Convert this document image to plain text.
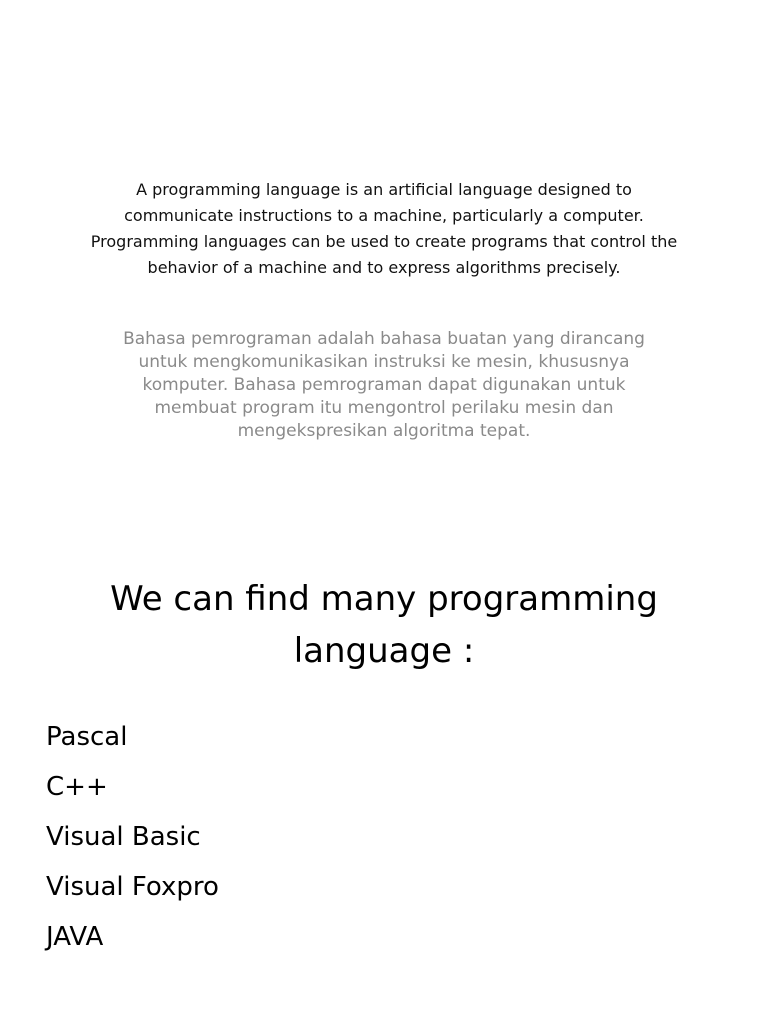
A programming language is an artificial language designed to communicate instructions to a machine, particularly a computer. Programming languages can be used to create programs that control the behavior of a machine and to express algorithms precisely.

Bahasa pemrograman adalah bahasa buatan yang dirancang untuk mengkomunikasikan instruksi ke mesin, khususnya komputer. Bahasa pemrograman dapat digunakan untuk membuat program itu mengontrol perilaku mesin dan mengekspresikan algoritma tepat.

We can find many programming language :
Pascal
C++
Visual Basic
Visual Foxpro
JAVA
